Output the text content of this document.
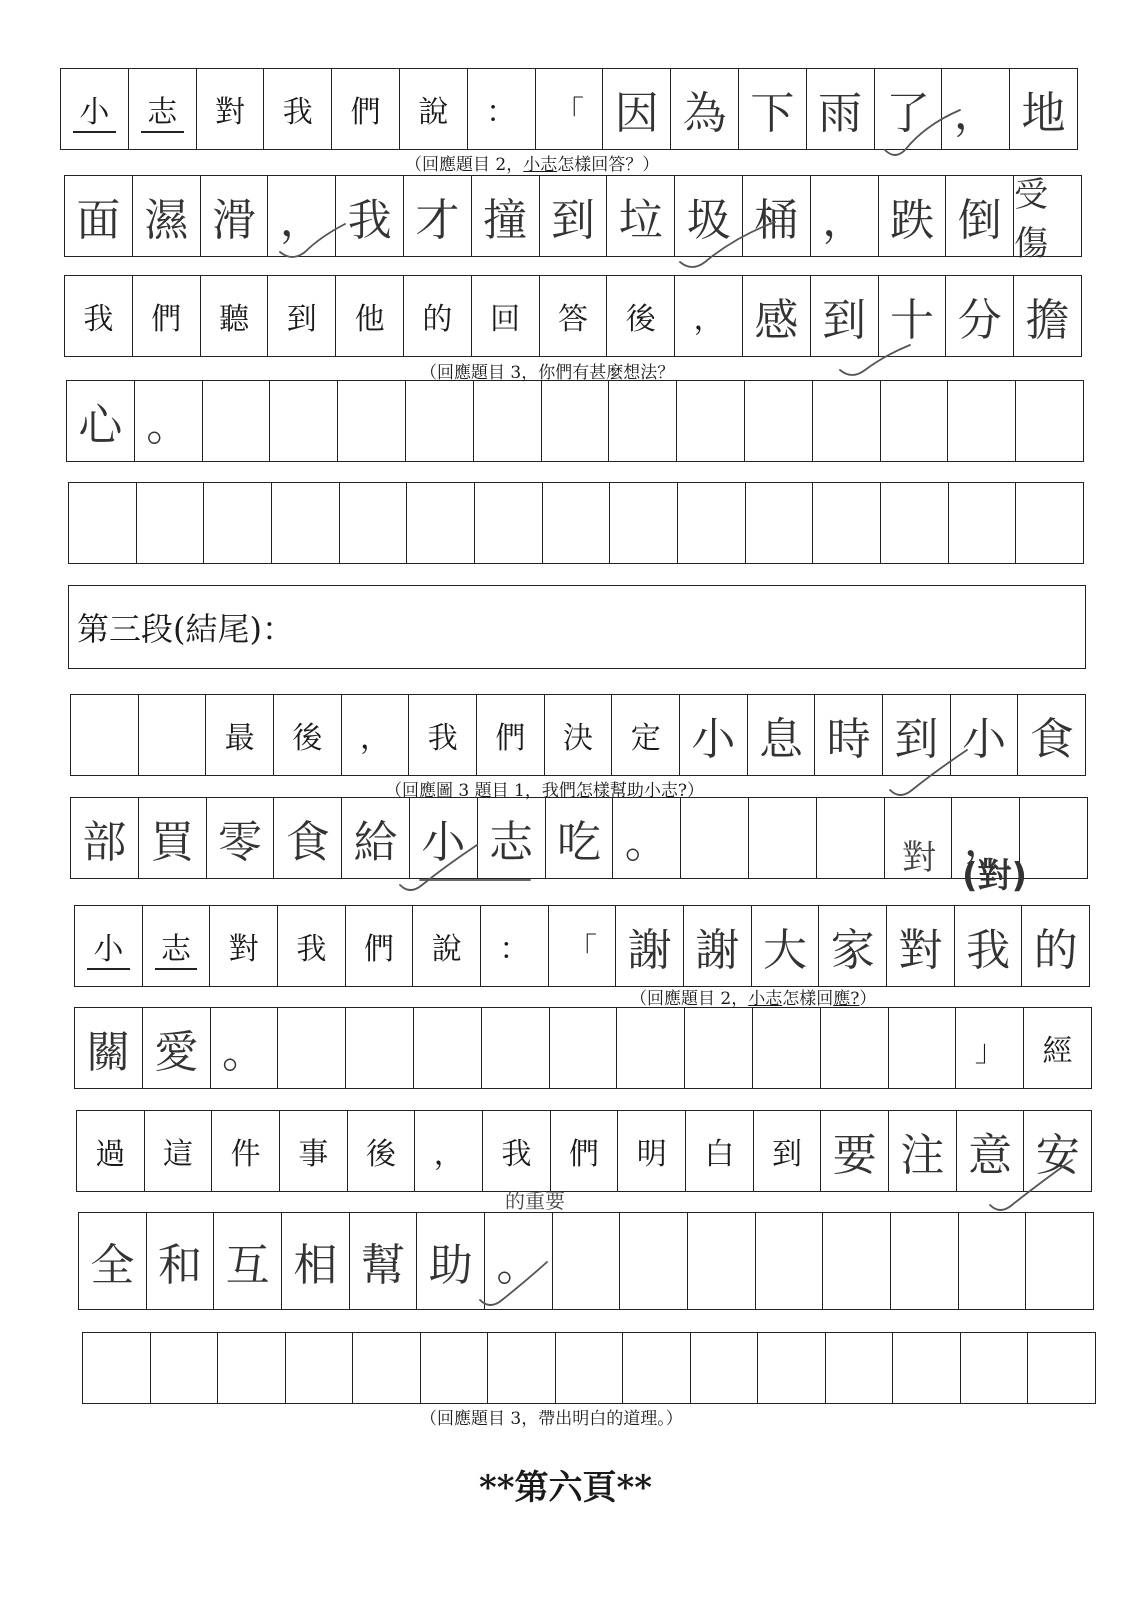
小	志	對	我	們	說	：	「 因 為 下 雨 了 ， 地
（回應題目 2，小志怎樣回答？）
面 濕 滑 ， 我 才 撞 到 垃 圾 桶 ， 跌 倒 受傷
我	們	聽	到	他	的	回	答	後	， 感 到 十 分 擔
（回應題目 3，你們有甚麼想法？
心 。
第三段(結尾)：
最	後	，	我	們	決	定 小 息 時 到 小 食
（回應圖 3 題目 1，我們怎樣幫助小志?）
部 買 零 食 給 小 志 吃 。	，
對 (對)
小	志	對	我	們	說	：	「 謝 謝 大 家 對 我 的
（回應題目 2，小志怎樣回應?）
關 愛 。	」	經
過	這	件	事	後	，	我	們	明	白	到 要 注 意 安
全 和 互 相 幫 助 。
的重要
（回應題目 3，帶出明白的道理。）
**第六頁**
